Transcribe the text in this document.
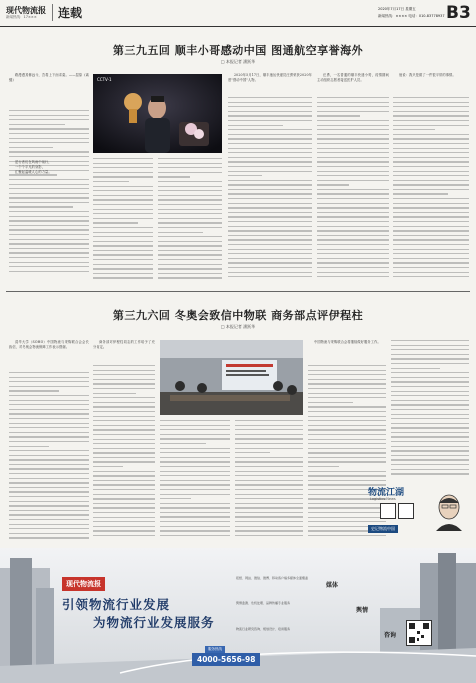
现代物流报
新闻热线：17×××	连载	2020年7月17日 星期五
新闻热线：×××× 电话：010-83778937 B3
第三九五回 顺丰小哥感动中国 图通航空享誉海外
□ 本报记者 潘跃华
CCTV-1

路漫漫其修远兮，吾将上下而求索。——屈原《离骚》

逆行者们在风雨中前行，

一个个平凡的身影，

汇聚起温暖人心的力量。

2020年5月17日，顺丰速运快递员汪勇荣获2020年度"感动中国"人物。

汪勇，一名普通的顺丰快递小哥，疫情期间主动组织志愿者接送医护人员。

他说：我只是做了一件很平常的事情。

第三九六回 冬奥会致信中物联 商务部点评伊程柱
□ 本报记者 潘跃华

清华大学（SOHO）中国物流与采购联合会会长致信，对冬奥会物流保障工作表示感谢。

商务部对伊程柱同志的工作给予了充分肯定。

中国物流与采购联合会将继续做好服务工作。

物流江湖
Logistics News
史记物流中国
现代物流报
引领物流行业发展
为物流行业发展服务
服务热线
4000-5656-98
报纸、网站、微信、微博、移动客户端多媒体全面覆盖
媒体
舆情监测、危机处理、品牌传播专业服务
舆情
物流行业研究咨询、规划设计、培训服务
咨询
